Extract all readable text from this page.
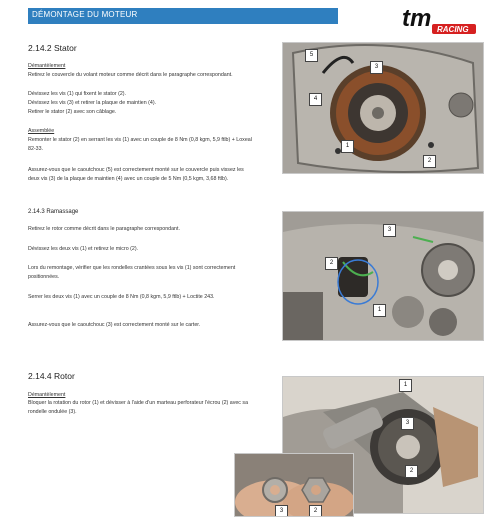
DÉMONTAGE DU MOTEUR	tm RACING
2.14.2 Stator
Démantèlement
Retirez le couvercle du volant moteur comme décrit dans le paragraphe correspondant.
Dévissez les vis (1) qui fixent le stator (2).
Dévissez les vis (3) et retirer la plaque de maintien (4).
Retirer le stator (2) avec son câblage.
Assemblée
Remonter le stator (2) en serrant les vis (1) avec un couple de 8 Nm (0,8 kgm, 5,9 ftlb) + Loxeal
82-33.
Assurez-vous que le caoutchouc (5) est correctement monté sur le couvercle puis vissez les
deux vis (3) de la plaque de maintien (4) avec un couple de 5 Nm (0,5 kgm, 3,68 ftlb).
5
3
4
1
2
2.14.3 Ramassage
Retirez le rotor comme décrit dans le paragraphe correspondant.
Dévissez les deux vis (1) et retirez le micro (2).
Lors du remontage, vérifier que les rondelles crantées sous les vis (1) sont correctement
positionnées.
Serrer les deux vis (1) avec un couple de 8 Nm (0,8 kgm, 5,9 ftlb) + Loctite 243.
Assurez-vous que le caoutchouc (3) est correctement monté sur le carter.
3
2
1
2.14.4 Rotor
Démantèlement
Bloquer la rotation du rotor (1) et dévisser à l'aide d'un marteau perforateur l'écrou (2) avec sa
rondelle ondulée (3).
1
3
2
3	2
